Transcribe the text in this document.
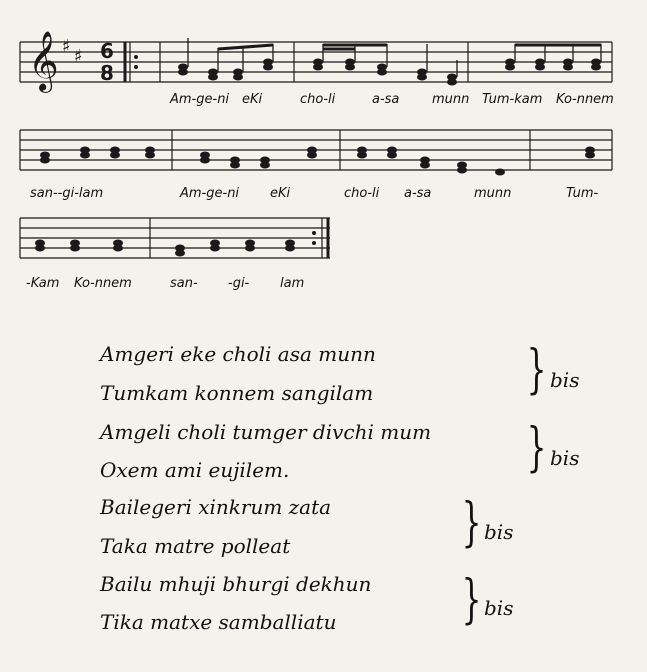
𝄞 ♯ ♯ 6
8
Am-ge-ni eKi	cho-li	a-sa	munn Tum-kam Ko-nnem
san--gi-lam	Am-ge-ni eKi	cho-li a-sa	munn	Tum-
-Kam Ko-nnem	san- -gi- lam
Amgeri eke choli asa munn
Tumkam konnem sangilam	} bis
Amgeli choli tumger divchi mum
Oxem ami eujilem.	} bis
Bailegeri xinkrum zata
Taka matre polleat	} bis
Bailu mhuji bhurgi dekhun
Tika matxe samballiatu } bis
